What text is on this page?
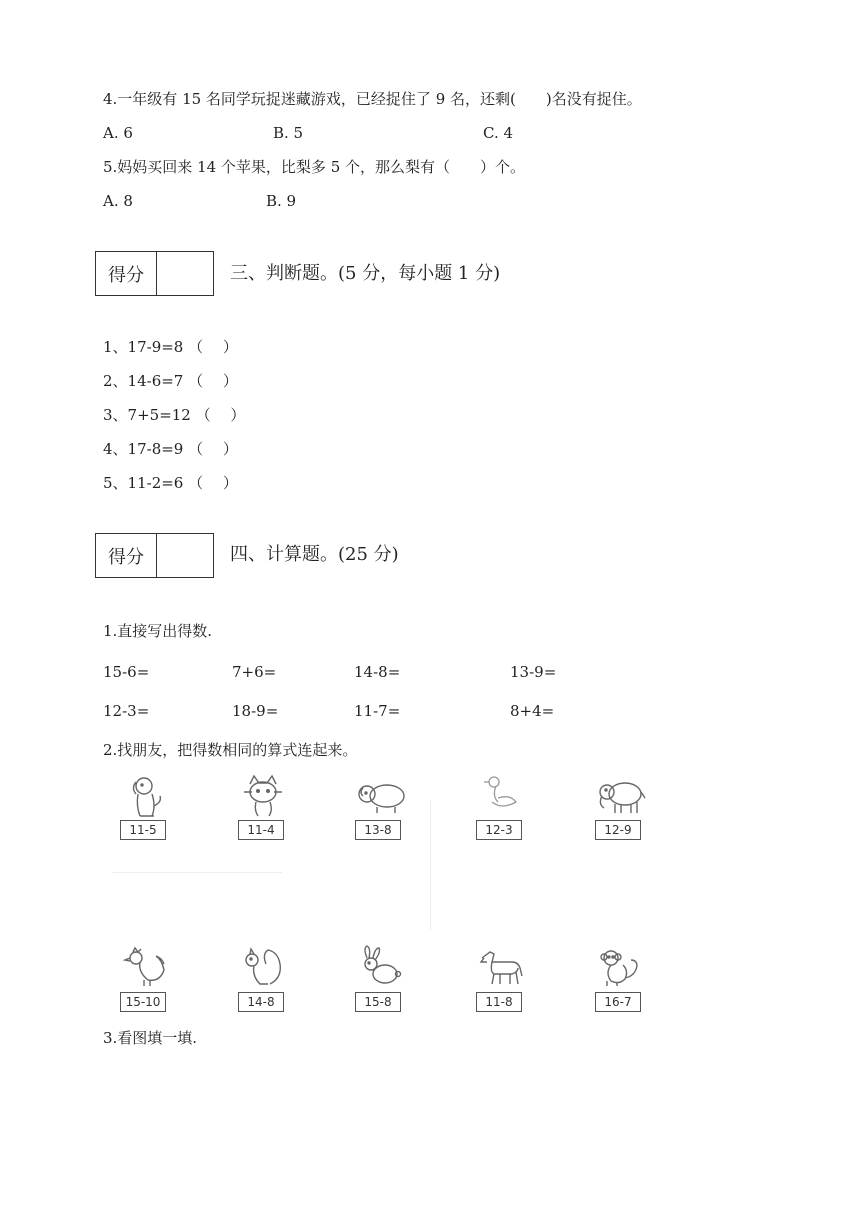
4.一年级有 15 名同学玩捉迷藏游戏，已经捉住了 9 名，还剩(　　)名没有捉住。
A. 6	B. 5	C. 4
5.妈妈买回来 14 个苹果，比梨多 5 个，那么梨有（　　）个。
A. 8	B. 9
得分	三、判断题。(5 分，每小题 1 分)
1、17-9=8 （　 ）
2、14-6=7 （　 ）
3、7+5=12 （　 ）
4、17-8=9 （　 ）
5、11-2=6 （　 ）
得分	四、计算题。(25 分)
1.直接写出得数.
15-6=	7+6=	14-8=	13-9=
12-3=	18-9=	11-7=	8+4=
2.找朋友，把得数相同的算式连起来。
11-5	11-4	13-8	12-3	12-9
15-10	14-8	15-8	11-8	16-7
3.看图填一填.
